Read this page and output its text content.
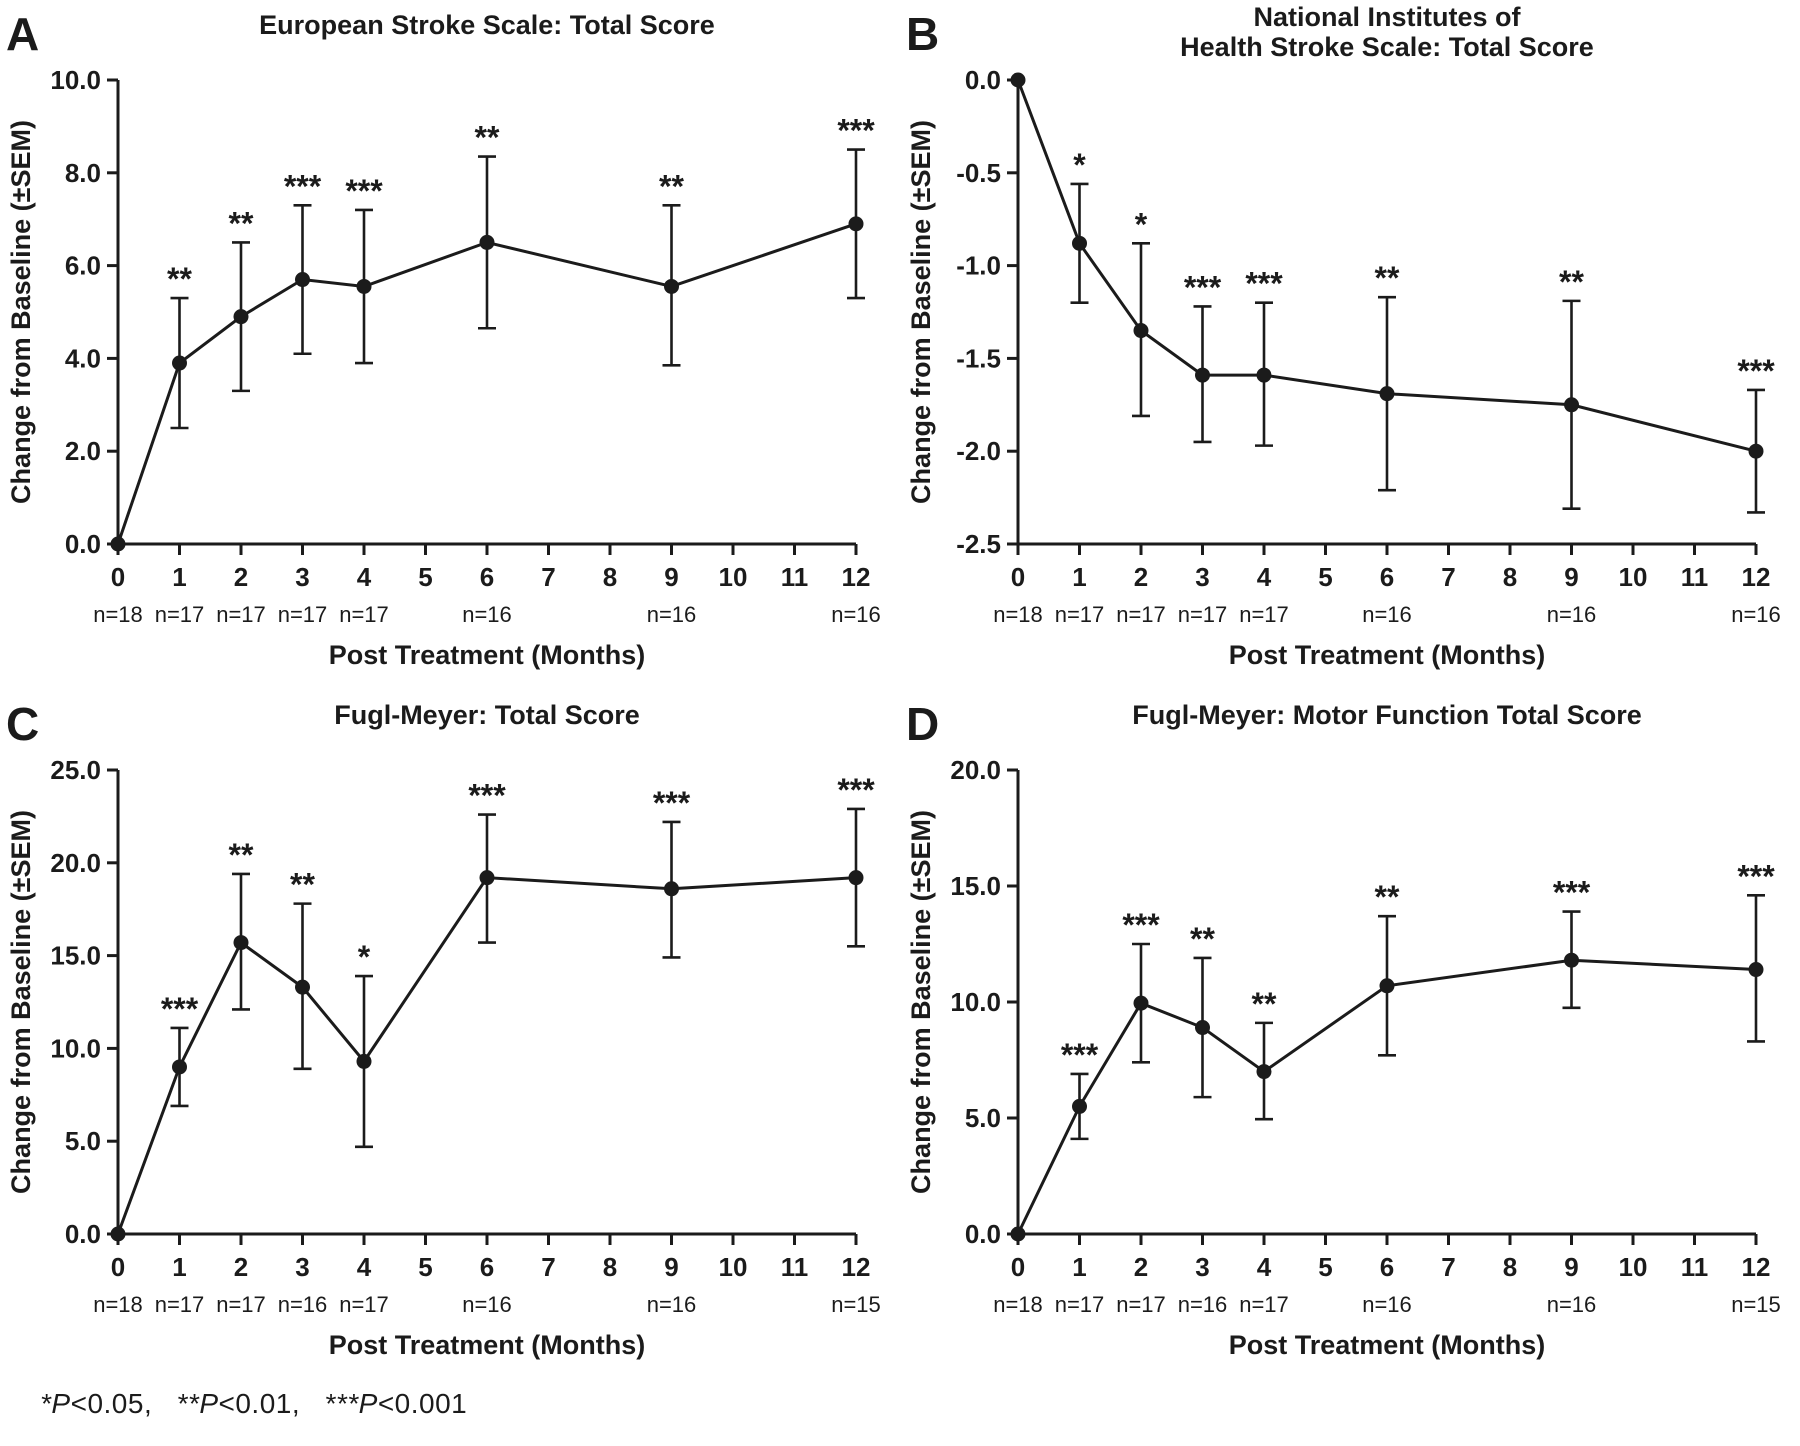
A	European Stroke Scale: Total Score
0.0
2.0
4.0
6.0
8.0
10.0
0 1 2 3 4 5 6 7 8 9 10 11 12
n=18 n=17 n=17 n=17 n=17	n=16	n=16	n=16
Post Treatment (Months)
Change from Baseline (±SEM)	**
**
*** ***
**
**
***
B	National Institutes of
Health Stroke Scale: Total Score
0.0
-0.5
-1.0
-1.5
-2.0
-2.5
0 1 2 3 4 5 6 7 8 9 10 11 12
n=18 n=17 n=17 n=17 n=17	n=16	n=16	n=16
Post Treatment (Months)
Change from Baseline (±SEM)	*
*
*** ***	**	**
***
C	Fugl-Meyer: Total Score
0.0
5.0
10.0
15.0
20.0
25.0
0 1 2 3 4 5 6 7 8 9 10 11 12
n=18 n=17 n=17 n=16 n=17	n=16	n=16	n=15
Post Treatment (Months)
Change from Baseline (±SEM)	***
**
**
*
***	***	***
D	Fugl-Meyer: Motor Function Total Score
0.0
5.0
10.0
15.0
20.0
0 1 2 3 4 5 6 7 8 9 10 11 12
n=18 n=17 n=17 n=16 n=17	n=16	n=16	n=15
Post Treatment (Months)
Change from Baseline (±SEM)	***
*** **
**
**	***	***
*P<0.05, **P<0.01, ***P<0.001
